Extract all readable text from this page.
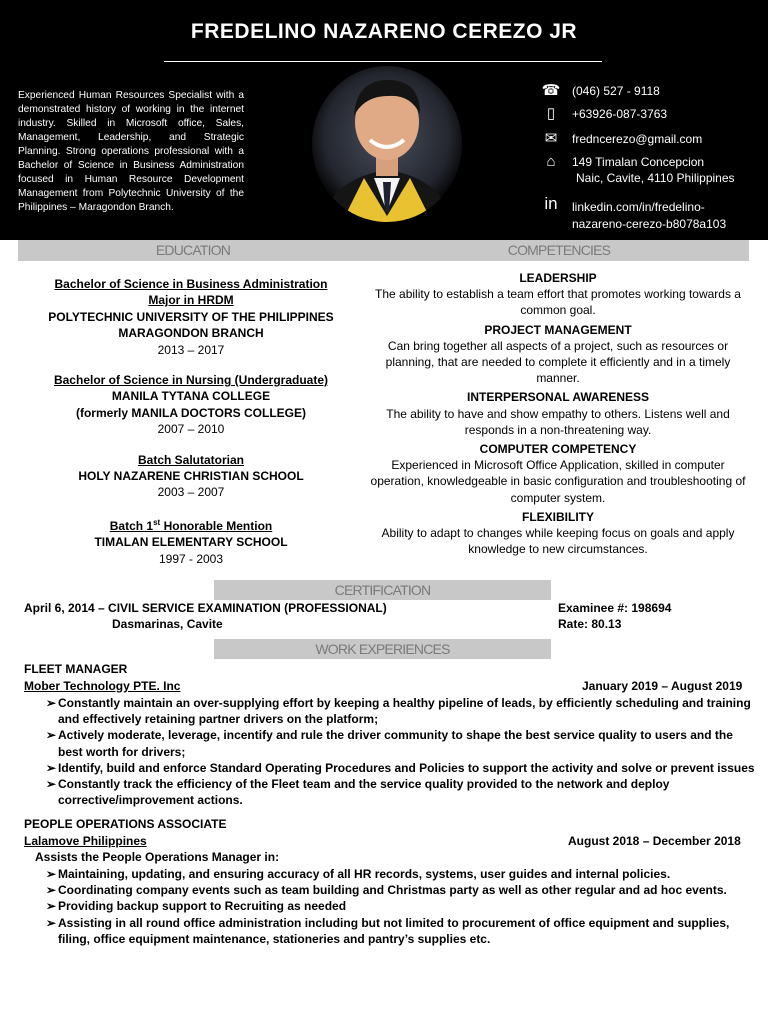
FREDELINO NAZARENO CEREZO JR
Experienced Human Resources Specialist with a demonstrated history of working in the internet industry. Skilled in Microsoft office, Sales, Management, Leadership, and Strategic Planning. Strong operations professional with a Bachelor of Science in Business Administration focused in Human Resource Development Management from Polytechnic University of the Philippines – Maragondon Branch.
☎ (046) 527 - 9118
▯	+63926-087-3763
✉	fredncerezo@gmail.com
⌂	149 Timalan Concepcion
Naic, Cavite, 4110 Philippines
in	linkedin.com/in/fredelino-
nazareno-cerezo-b8078a103
EDUCATION	COMPETENCIES
Bachelor of Science in Business Administration
Major in HRDM
POLYTECHNIC UNIVERSITY OF THE PHILIPPINES
MARAGONDON BRANCH
2013 – 2017
Bachelor of Science in Nursing (Undergraduate)
MANILA TYTANA COLLEGE
(formerly MANILA DOCTORS COLLEGE)
2007 – 2010
Batch Salutatorian
HOLY NAZARENE CHRISTIAN SCHOOL
2003 – 2007
Batch 1st Honorable Mention
TIMALAN ELEMENTARY SCHOOL
1997 - 2003
LEADERSHIP
The ability to establish a team effort that promotes working towards a common goal.
PROJECT MANAGEMENT
Can bring together all aspects of a project, such as resources or planning, that are needed to complete it efficiently and in a timely manner.
INTERPERSONAL AWARENESS
The ability to have and show empathy to others. Listens well and responds in a non-threatening way.
COMPUTER COMPETENCY
Experienced in Microsoft Office Application, skilled in computer operation, knowledgeable in basic configuration and troubleshooting of computer system.
FLEXIBILITY
Ability to adapt to changes while keeping focus on goals and apply knowledge to new circumstances.
CERTIFICATION
April 6, 2014 – CIVIL SERVICE EXAMINATION (PROFESSIONAL)	Examinee #: 198694
Dasmarinas, Cavite	Rate: 80.13
WORK EXPERIENCES
FLEET MANAGER
Mober Technology PTE. Inc	January 2019 – August 2019
➢ Constantly maintain an over-supplying effort by keeping a healthy pipeline of leads, by efficiently scheduling and training and effectively retaining partner drivers on the platform;
➢ Actively moderate, leverage, incentify and rule the driver community to shape the best service quality to users and the best worth for drivers;
➢ Identify, build and enforce Standard Operating Procedures and Policies to support the activity and solve or prevent issues
➢ Constantly track the efficiency of the Fleet team and the service quality provided to the network and deploy corrective/improvement actions.
PEOPLE OPERATIONS ASSOCIATE
Lalamove Philippines	August 2018 – December 2018
Assists the People Operations Manager in:
➢ Maintaining, updating, and ensuring accuracy of all HR records, systems, user guides and internal policies.
➢ Coordinating company events such as team building and Christmas party as well as other regular and ad hoc events.
➢ Providing backup support to Recruiting as needed
➢ Assisting in all round office administration including but not limited to procurement of office equipment and supplies, filing, office equipment maintenance, stationeries and pantry’s supplies etc.
